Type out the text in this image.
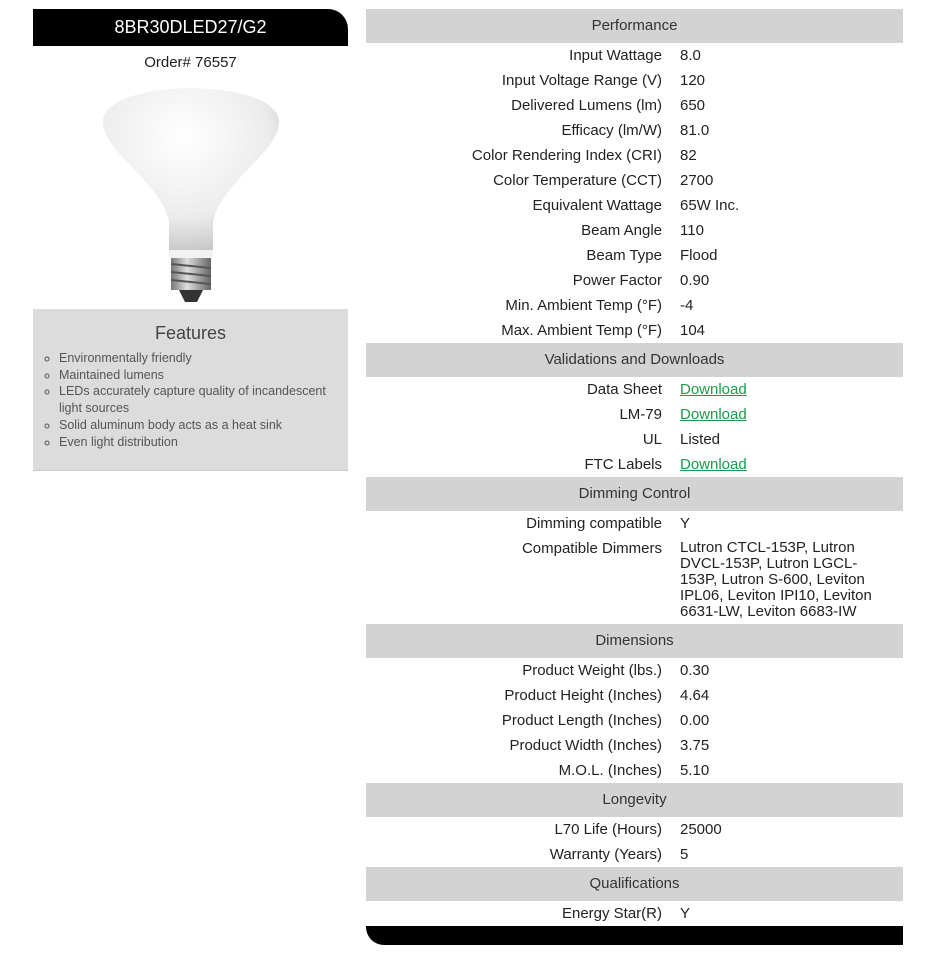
8BR30DLED27/G2
Order# 76557
Features
◦ Environmentally friendly
◦ Maintained lumens
◦ LEDs accurately capture quality of incandescent light sources
◦ Solid aluminum body acts as a heat sink
◦ Even light distribution
Performance
Input Wattage 8.0
Input Voltage Range (V) 120
Delivered Lumens (lm) 650
Efficacy (lm/W) 81.0
Color Rendering Index (CRI) 82
Color Temperature (CCT) 2700
Equivalent Wattage 65W Inc.
Beam Angle 110
Beam Type Flood
Power Factor 0.90
Min. Ambient Temp (°F) -4
Max. Ambient Temp (°F) 104
Validations and Downloads
Data Sheet Download
LM-79 Download
UL Listed
FTC Labels Download
Dimming Control
Dimming compatible Y
Compatible Dimmers Lutron CTCL-153P, Lutron DVCL-153P, Lutron LGCL-153P, Lutron S-600, Leviton IPL06, Leviton IPI10, Leviton 6631-LW, Leviton 6683-IW
Dimensions
Product Weight (lbs.) 0.30
Product Height (Inches) 4.64
Product Length (Inches) 0.00
Product Width (Inches) 3.75
M.O.L. (Inches) 5.10
Longevity
L70 Life (Hours) 25000
Warranty (Years) 5
Qualifications
Energy Star(R) Y
